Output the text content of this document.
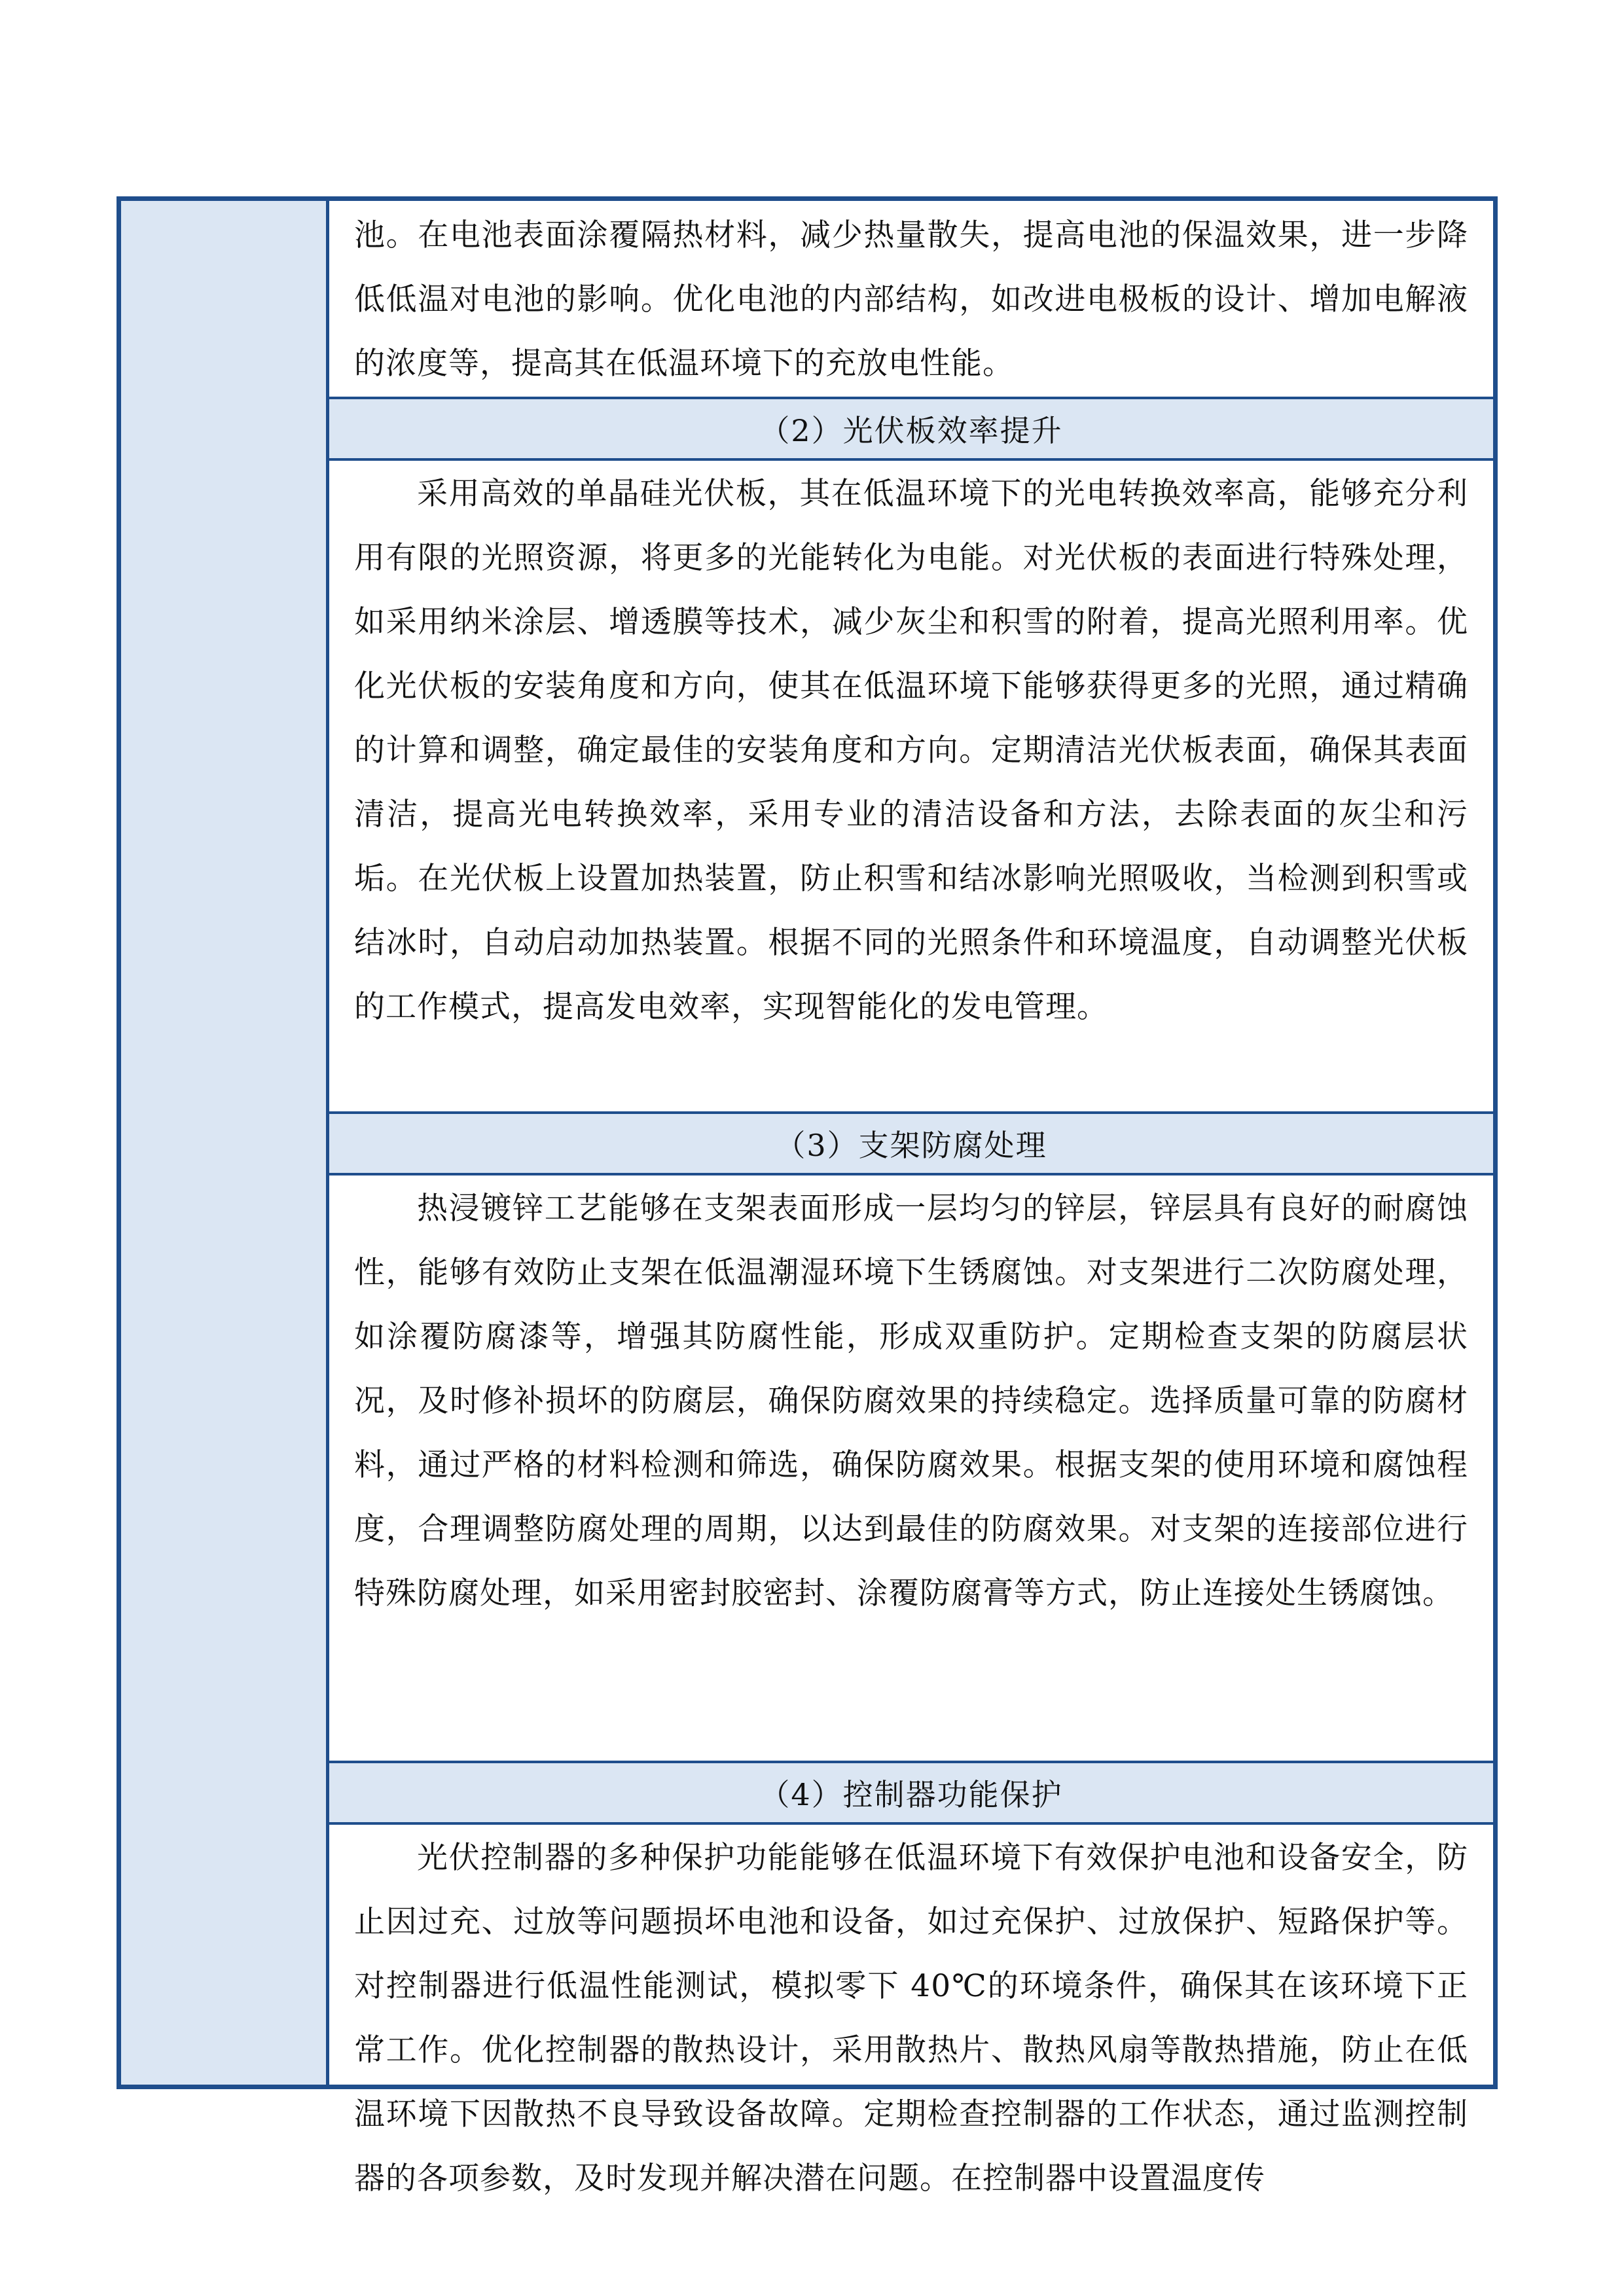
池。在电池表面涂覆隔热材料，减少热量散失，提高电池的保温效果，进一步降低低温对电池的影响。优化电池的内部结构，如改进电极板的设计、增加电解液的浓度等，提高其在低温环境下的充放电性能。

（2）光伏板效率提升

采用高效的单晶硅光伏板，其在低温环境下的光电转换效率高，能够充分利用有限的光照资源，将更多的光能转化为电能。对光伏板的表面进行特殊处理，如采用纳米涂层、增透膜等技术，减少灰尘和积雪的附着，提高光照利用率。优化光伏板的安装角度和方向，使其在低温环境下能够获得更多的光照，通过精确的计算和调整，确定最佳的安装角度和方向。定期清洁光伏板表面，确保其表面清洁，提高光电转换效率，采用专业的清洁设备和方法，去除表面的灰尘和污垢。在光伏板上设置加热装置，防止积雪和结冰影响光照吸收，当检测到积雪或结冰时，自动启动加热装置。根据不同的光照条件和环境温度，自动调整光伏板的工作模式，提高发电效率，实现智能化的发电管理。

（3）支架防腐处理

热浸镀锌工艺能够在支架表面形成一层均匀的锌层，锌层具有良好的耐腐蚀性，能够有效防止支架在低温潮湿环境下生锈腐蚀。对支架进行二次防腐处理，如涂覆防腐漆等，增强其防腐性能，形成双重防护。定期检查支架的防腐层状况，及时修补损坏的防腐层，确保防腐效果的持续稳定。选择质量可靠的防腐材料，通过严格的材料检测和筛选，确保防腐效果。根据支架的使用环境和腐蚀程度，合理调整防腐处理的周期，以达到最佳的防腐效果。对支架的连接部位进行特殊防腐处理，如采用密封胶密封、涂覆防腐膏等方式，防止连接处生锈腐蚀。

（4）控制器功能保护

光伏控制器的多种保护功能能够在低温环境下有效保护电池和设备安全，防止因过充、过放等问题损坏电池和设备，如过充保护、过放保护、短路保护等。对控制器进行低温性能测试，模拟零下 40℃的环境条件，确保其在该环境下正常工作。优化控制器的散热设计，采用散热片、散热风扇等散热措施，防止在低温环境下因散热不良导致设备故障。定期检查控制器的工作状态，通过监测控制器的各项参数，及时发现并解决潜在问题。在控制器中设置温度传
